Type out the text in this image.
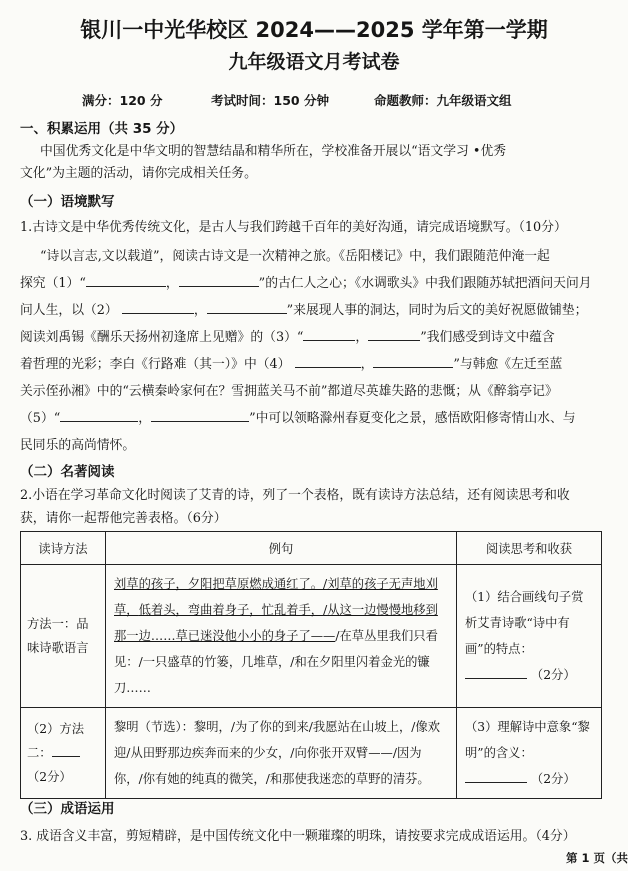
银川一中光华校区 2024——2025 学年第一学期
九年级语文月考试卷
满分：120 分	考试时间：150 分钟	命题教师：九年级语文组
一、积累运用（共 35 分）
中国优秀文化是中华文明的智慧结晶和精华所在，学校准备开展以“语文学习 •优秀
文化”为主题的活动，请你完成相关任务。
（一）语境默写
1.古诗文是中华优秀传统文化，是古人与我们跨越千百年的美好沟通，请完成语境默写。（10分）
“诗以言志,文以载道”，阅读古诗文是一次精神之旅。《岳阳楼记》中，我们跟随范仲淹一起
探究（1）“	，	”的古仁人之心；《水调歌头》中我们跟随苏轼把酒问天问月
问人生，以（2）	，	”来展现人事的洞达，同时为后文的美好祝愿做铺垫；
阅读刘禹锡《酬乐天扬州初逢席上见赠》的（3）“	，	”我们感受到诗文中蕴含
着哲理的光彩；李白《行路难（其一）》中（4）	，	”与韩愈《左迁至蓝
关示侄孙湘》中的“云横秦岭家何在？雪拥蓝关马不前”都道尽英雄失路的悲慨；从《醉翁亭记》
（5）“	，	”中可以领略滁州春夏变化之景，感悟欧阳修寄情山水、与
民同乐的高尚情怀。
（二）名著阅读
2.小语在学习革命文化时阅读了艾青的诗，列了一个表格，既有读诗方法总结，还有阅读思考和收
获，请你一起帮他完善表格。（6分）
读诗方法	例句	阅读思考和收获
方法一：品味诗歌语言	刘草的孩子，夕阳把草原燃成通红了。/刘草的孩子无声地刈草，低着头，弯曲着身子，忙乱着手，/从这一边慢慢地移到那一边……草已迷没他小小的身子了——/在草丛里我们只看见：/一只盛草的竹篓，几堆草，/和在夕阳里闪着金光的镰刀……	（1）结合画线句子赏析艾青诗歌“诗中有画”的特点：
（2分）
（2）方法二：
（2分）	黎明（节选）：黎明，/为了你的到来/我愿站在山坡上，/像欢迎/从田野那边疾奔而来的少女，/向你张开双臂——/因为你，/你有她的纯真的微笑，/和那使我迷恋的草野的清芬。	（3）理解诗中意象“黎明”的含义：
（2分）
（三）成语运用
3. 成语含义丰富，剪短精辟，是中国传统文化中一颗璀璨的明珠，请按要求完成成语运用。（4分）
第 1 页（共
